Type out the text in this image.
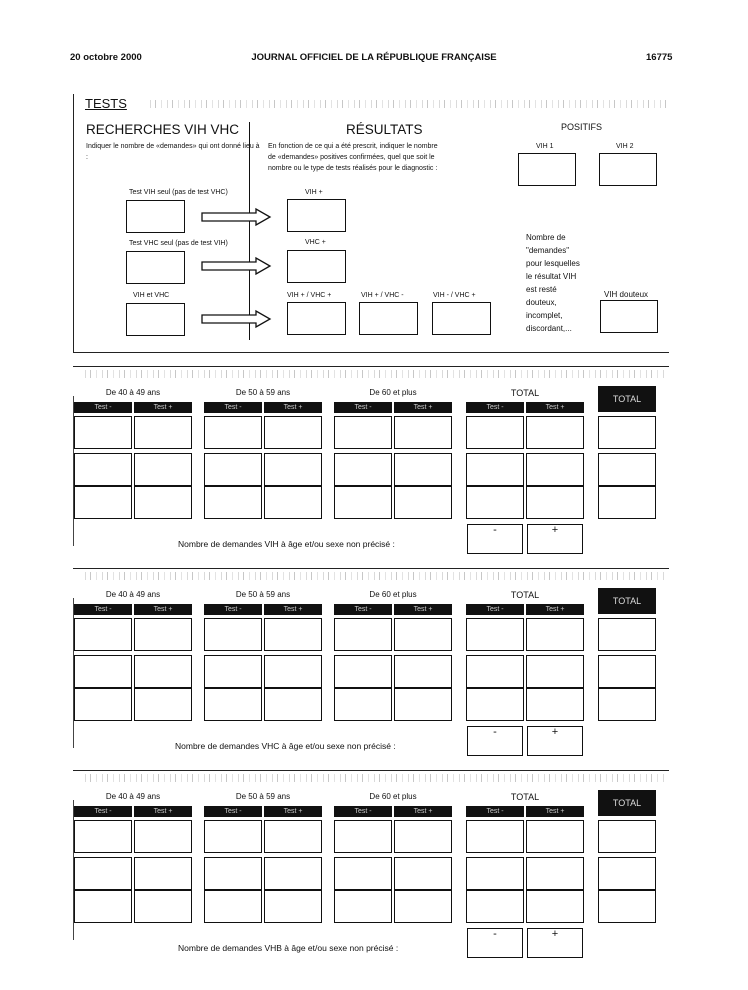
20 octobre 2000	JOURNAL OFFICIEL DE LA RÉPUBLIQUE FRANÇAISE	16775
TESTS
RECHERCHES VIH VHC
Indiquer le nombre de «demandes» qui ont donné lieu à :
RÉSULTATS
En fonction de ce qui a été prescrit, indiquer le nombre
de «demandes» positives confirmées, quel que soit le
nombre ou le type de tests réalisés pour le diagnostic :
POSITIFS
VIH 1	VIH 2
Test VIH seul (pas de test VHC)	VIH +
Test VHC seul (pas de test VIH)	VHC +
VIH et VHC	VIH + / VHC +	VIH + / VHC -	VIH - / VHC +
Nombre de
"demandes"
pour lesquelles
le résultat VIH
est resté
douteux,
incomplet,
discordant,...
VIH douteux
De 40 à 49 ans
Test -	Test +
De 50 à 59 ans
Test -	Test +
De 60 et plus
Test -	Test +
TOTAL
Test -	Test +
TOTAL
Nombre de demandes VIH à âge et/ou sexe non précisé :
-	+
De 40 à 49 ans
Test -	Test +
De 50 à 59 ans
Test -	Test +
De 60 et plus
Test -	Test +
TOTAL
Test -	Test +
TOTAL
Nombre de demandes VHC à âge et/ou sexe non précisé :
-	+
De 40 à 49 ans
Test -	Test +
De 50 à 59 ans
Test -	Test +
De 60 et plus
Test -	Test +
TOTAL
Test -	Test +
TOTAL
Nombre de demandes VHB à âge et/ou sexe non précisé :
-	+
